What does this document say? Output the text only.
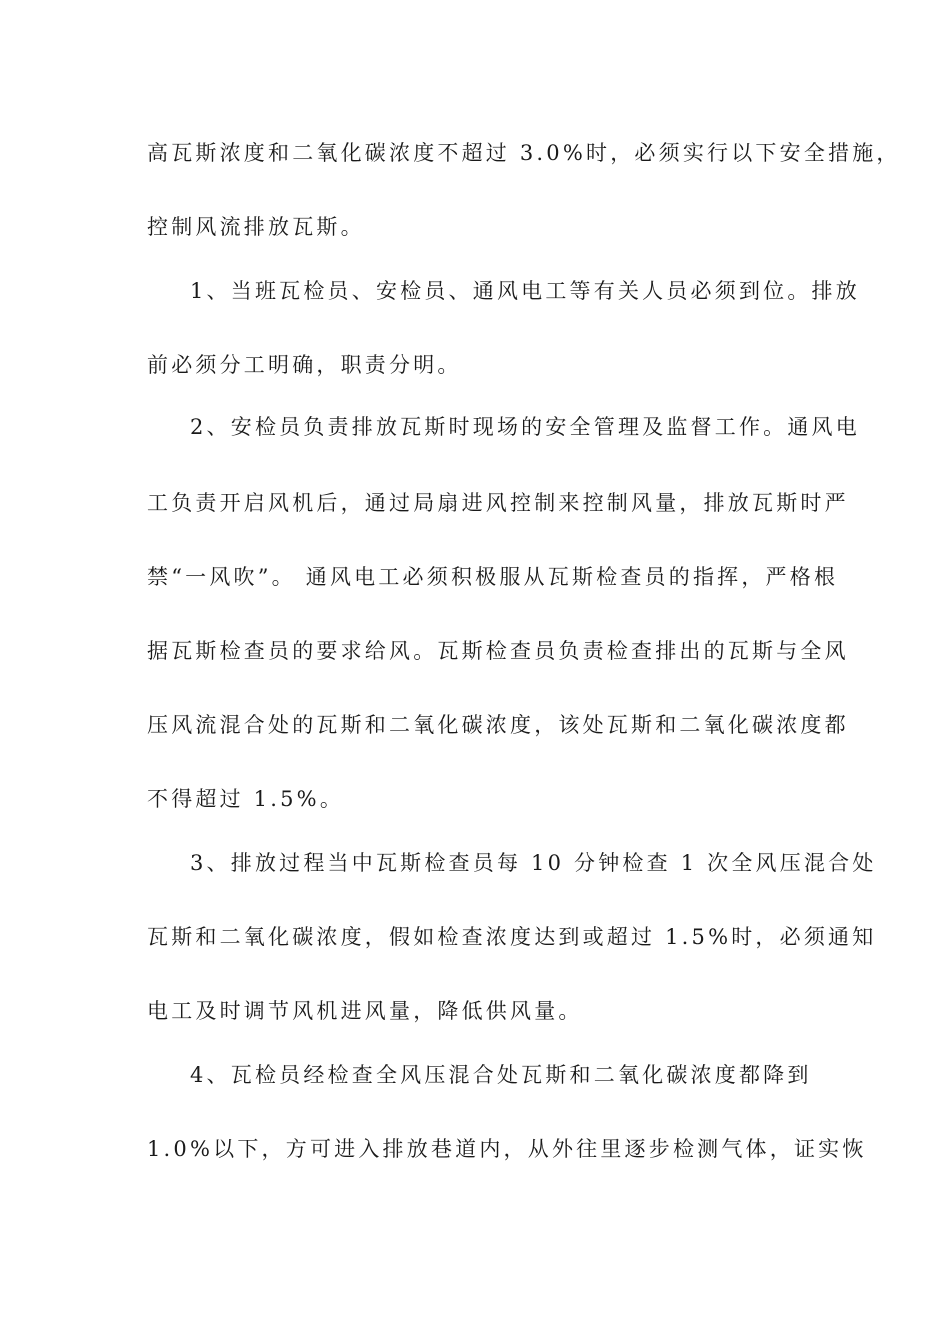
高瓦斯浓度和二氧化碳浓度不超过 3.0%时，必须实行以下安全措施，
控制风流排放瓦斯。
1、当班瓦检员、安检员、通风电工等有关人员必须到位。排放
前必须分工明确，职责分明。
2、安检员负责排放瓦斯时现场的安全管理及监督工作。通风电
工负责开启风机后，通过局扇进风控制来控制风量，排放瓦斯时严
禁“一风吹”。 通风电工必须积极服从瓦斯检查员的指挥，严格根
据瓦斯检查员的要求给风。瓦斯检查员负责检查排出的瓦斯与全风
压风流混合处的瓦斯和二氧化碳浓度，该处瓦斯和二氧化碳浓度都
不得超过 1.5%。
3、排放过程当中瓦斯检查员每 10 分钟检查 1 次全风压混合处
瓦斯和二氧化碳浓度，假如检查浓度达到或超过 1.5%时，必须通知
电工及时调节风机进风量，降低供风量。
4、瓦检员经检查全风压混合处瓦斯和二氧化碳浓度都降到
1.0%以下，方可进入排放巷道内，从外往里逐步检测气体，证实恢
